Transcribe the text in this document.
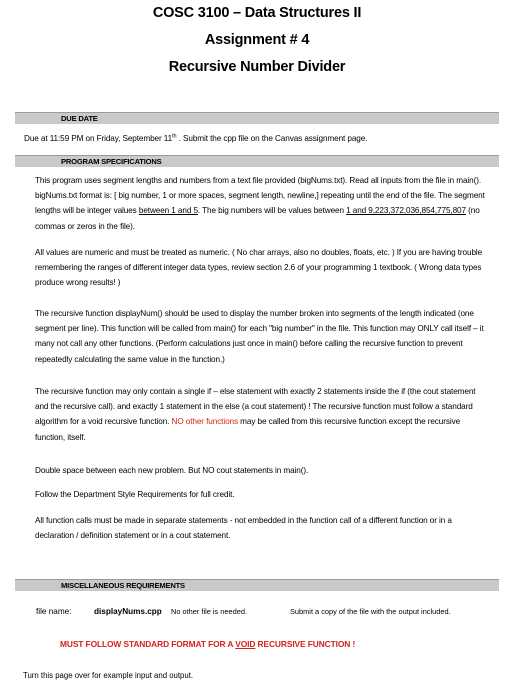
COSC 3100 – Data Structures II
Assignment # 4
Recursive Number Divider
DUE DATE
Due at 11:59 PM on Friday, September 11th . Submit the cpp file on the Canvas assignment page.
PROGRAM SPECIFICATIONS
This program uses segment lengths and numbers from a text file provided (bigNums.txt). Read all inputs from the file in main(). bigNums.txt format is: [ big number, 1 or more spaces, segment length, newline,] repeating until the end of the file. The segment lengths will be integer values between 1 and 5. The big numbers will be values between 1 and 9,223,372,036,854,775,807 (no commas or zeros in the file).
All values are numeric and must be treated as numeric. ( No char arrays, also no doubles, floats, etc. ) If you are having trouble remembering the ranges of different integer data types, review section 2.6 of your programming 1 textbook. ( Wrong data types produce wrong results! )
The recursive function displayNum() should be used to display the number broken into segments of the length indicated (one segment per line). This function will be called from main() for each "big number" in the file. This function may ONLY call itself – it many not call any other functions. (Perform calculations just once in main() before calling the recursive function to prevent repeatedly calculating the same value in the function.)
The recursive function may only contain a single if – else statement with exactly 2 statements inside the if (the cout statement and the recursive call). and exactly 1 statement in the else (a cout statement) ! The recursive function must follow a standard algorithm for a void recursive function. NO other functions may be called from this recursive function except the recursive function, itself.
Double space between each new problem. But NO cout statements in main().
Follow the Department Style Requirements for full credit.
All function calls must be made in separate statements - not embedded in the function call of a different function or in a declaration / definition statement or in a cout statement.
MISCELLANEOUS REQUIREMENTS
file name:	displayNums.cpp No other file is needed.	Submit a copy of the file with the output included.
MUST FOLLOW STANDARD FORMAT FOR A VOID RECURSIVE FUNCTION !
Turn this page over for example input and output.
